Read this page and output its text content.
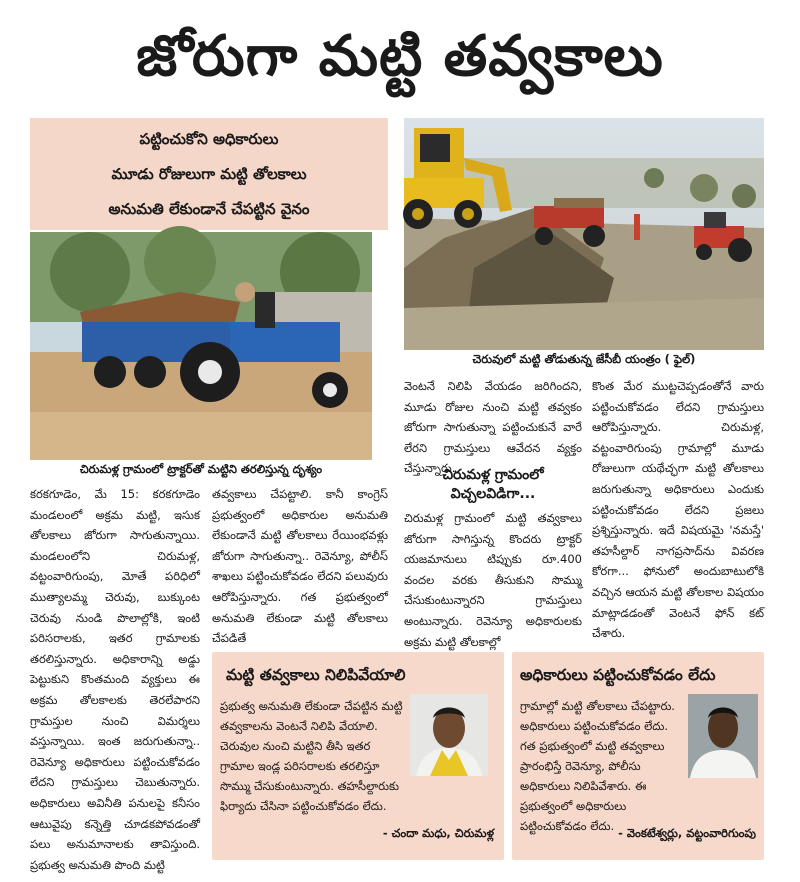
జోరుగా మట్టి తవ్వకాలు
పట్టించుకోని అధికారులు
మూడు రోజులుగా మట్టి తోలకాలు
అనుమతి లేకుండానే చేపట్టిన వైనం
చెరువులో మట్టి తోడుతున్న జేసీబీ యంత్రం ( ఫైల్)
చిరుమళ్ల గ్రామంలో ట్రాక్టర్‌తో మట్టిని తరలిస్తున్న దృశ్యం
కరకగూడెం, మే 15: కరకగూడెం మండలంలో అక్రమ మట్టి, ఇసుక తోలకాలు జోరుగా సాగుతున్నాయి. మండలంలోని చిరుమళ్ల, వట్టంవారిగుంపు, మోతే పరిధిలో ముత్యాలమ్మ చెరువు, బుక్కుంట చెరువు నుండి పొలాల్లోకి, ఇంటి పరిసరాలకు, ఇతర గ్రామాలకు తరలిస్తున్నారు. అధికారాన్ని అడ్డు పెట్టుకుని కొంతమంది వ్యక్తులు ఈ అక్రమ తోలకాలకు తెరలేపారని గ్రామస్తుల నుంచి విమర్శలు వస్తున్నాయి. ఇంత జరుగుతున్నా.. రెవెన్యూ అధికారులు పట్టించుకోవడం లేదని గ్రామస్తులు చెబుతున్నారు. అధికారులు అవినీతి పనులపై కనీసం ఆటువైపు కన్నెత్తి చూడకపోవడంతో పలు అనుమానాలకు తావిస్తుంది. ప్రభుత్వ అనుమతి పొంది మట్టి
తవ్వకాలు చేపట్టాలి. కానీ కాంగ్రెస్ ప్రభుత్వంలో అధికారుల అనుమతి లేకుండానే మట్టి తోలకాలు రేయింభవళ్లు జోరుగా సాగుతున్నా.. రెవెన్యూ, పోలీస్ శాఖలు పట్టించుకోవడం లేదని పలువురు ఆరోపిస్తున్నారు. గత ప్రభుత్వంలో అనుమతి లేకుండా మట్టి తోలకాలు చేపడితే
వెంటనే నిలిపి వేయడం జరిగిందని, మూడు రోజుల నుంచి మట్టి తవ్వకం జోరుగా సాగుతున్నా పట్టించుకునే వారే లేరని గ్రామస్తులు ఆవేదన వ్యక్తం చేస్తున్నారు.
చిరుమళ్ల గ్రామంలో
విచ్చలవిడిగా...
చిరుమళ్ల గ్రామంలో మట్టి తవ్వకాలు జోరుగా సాగిస్తున్న కొందరు ట్రాక్టర్ యజమానులు టిప్పుకు రూ.400 వందల వరకు తీసుకుని సొమ్ము చేసుకుంటున్నారని గ్రామస్తులు అంటున్నారు. రెవెన్యూ అధికారులకు అక్రమ మట్టి తోలకాల్లో
కొంత మేర ముట్టచెప్పడంతోనే వారు పట్టించుకోవడం లేదని గ్రామస్తులు ఆరోపిస్తున్నారు. చిరుమళ్ల, వట్టంవారిగుంపు గ్రామాల్లో మూడు రోజులుగా యథేచ్ఛగా మట్టి తోలకాలు జరుగుతున్నా అధికారులు ఎందుకు పట్టించుకోవడం లేదని ప్రజలు ప్రశ్నిస్తున్నారు. ఇదే విషయమై 'నమస్తే' తహసీల్దార్ నాగప్రసాద్‌ను వివరణ కోరగా... ఫోనులో అందుబాటులోకి వచ్చిన ఆయన మట్టి తోలకాల విషయం మాట్లాడడంతో వెంటనే ఫోన్ కట్ చేశారు.
మట్టి తవ్వకాలు నిలిపివేయాలి
ప్రభుత్వ అనుమతి లేకుండా చేపట్టిన మట్టి తవ్వకాలను వెంటనే నిలిపి వేయాలి. చెరువుల నుంచి మట్టిని తీసి ఇతర గ్రామాల ఇండ్ల పరిసరాలకు తరలిస్తూ సొమ్ము చేసుకుంటున్నారు. తహసీల్దారుకు ఫిర్యాదు చేసినా పట్టించుకోవడం లేదు.
- చందా మధు, చిరుమళ్ల
అధికారులు పట్టించుకోవడం లేదు
గ్రామాల్లో మట్టి తోలకాలు చేపట్టారు. అధికారులు పట్టించుకోవడం లేదు. గత ప్రభుత్వంలో మట్టి తవ్వకాలు ప్రారంభిస్తే రెవెన్యూ, పోలీసు అధికారులు నిలిపివేశారు. ఈ ప్రభుత్వంలో అధికారులు పట్టించుకోవడం లేదు. - వెంకటేశ్వర్లు, వట్టంవారిగుంపు
